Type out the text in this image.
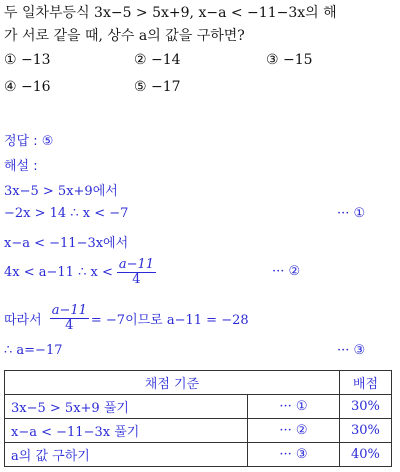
두 일차부등식 3x−5 > 5x+9, x−a < −11−3x의 해
가 서로 같을 때, 상수 a의 값을 구하면?
① −13	② −14	③ −15
④ −16	⑤ −17
정답 : ⑤
해설 :
3x−5 > 5x+9에서
−2x > 14 ∴ x < −7	··· ①
x−a < −11−3x에서
4x < a−11 ∴ $x < \frac{a-11}{4}$	··· ②
따라서 $\frac{a-11}{4} = -7$이므로 a−11 = −28
∴ a=−17	··· ③
채점 기준		배점
3x−5 > 5x+9 풀기	··· ①	30%
x−a < −11−3x 풀기	··· ②	30%
a의 값 구하기	··· ③	40%
